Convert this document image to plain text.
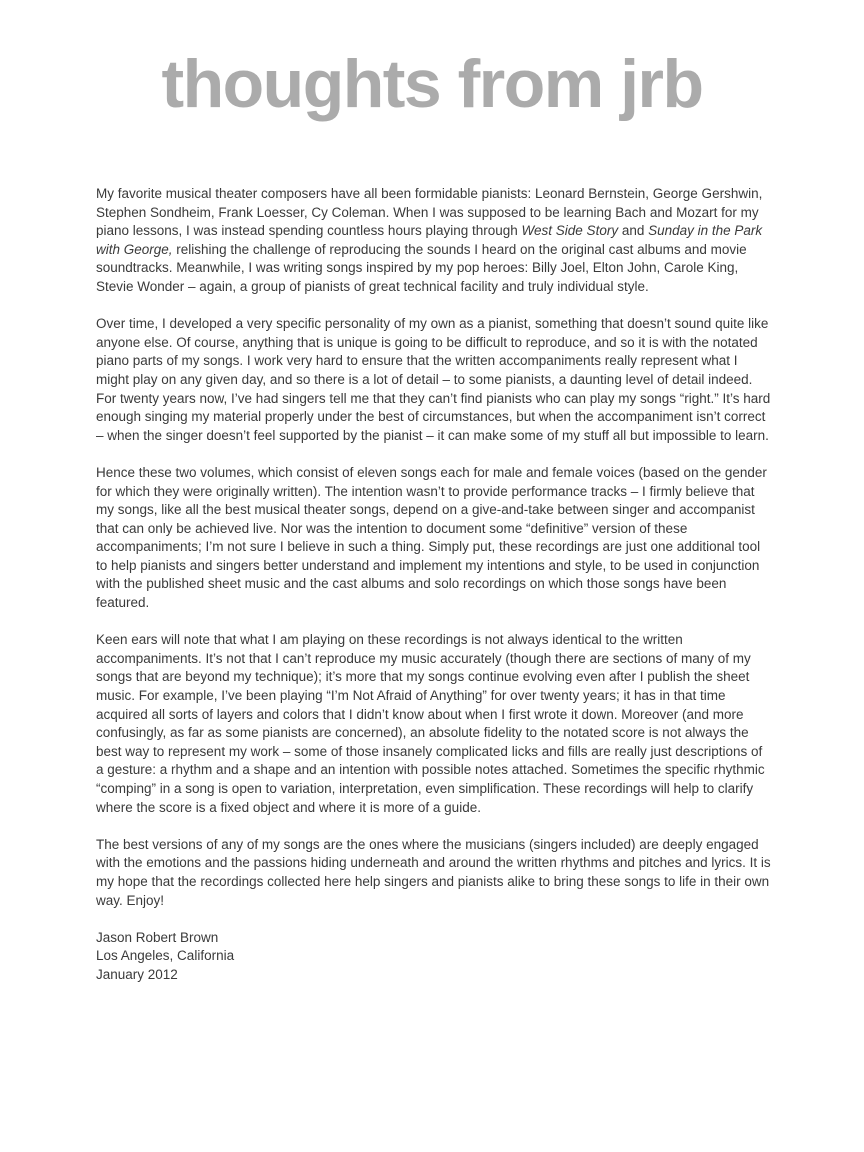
thoughts from jrb

My favorite musical theater composers have all been formidable pianists: Leonard Bernstein, George Gershwin, Stephen Sondheim, Frank Loesser, Cy Coleman. When I was supposed to be learning Bach and Mozart for my piano lessons, I was instead spending countless hours playing through West Side Story and Sunday in the Park with George, relishing the challenge of reproducing the sounds I heard on the original cast albums and movie soundtracks. Meanwhile, I was writing songs inspired by my pop heroes: Billy Joel, Elton John, Carole King, Stevie Wonder – again, a group of pianists of great technical facility and truly individual style.

Over time, I developed a very specific personality of my own as a pianist, something that doesn’t sound quite like anyone else. Of course, anything that is unique is going to be difficult to reproduce, and so it is with the notated piano parts of my songs. I work very hard to ensure that the written accompaniments really represent what I might play on any given day, and so there is a lot of detail – to some pianists, a daunting level of detail indeed. For twenty years now, I’ve had singers tell me that they can’t find pianists who can play my songs “right.” It’s hard enough singing my material properly under the best of circumstances, but when the accompaniment isn’t correct – when the singer doesn’t feel supported by the pianist – it can make some of my stuff all but impossible to learn.

Hence these two volumes, which consist of eleven songs each for male and female voices (based on the gender for which they were originally written). The intention wasn’t to provide performance tracks – I firmly believe that my songs, like all the best musical theater songs, depend on a give-and-take between singer and accompanist that can only be achieved live. Nor was the intention to document some “definitive” version of these accompaniments; I’m not sure I believe in such a thing. Simply put, these recordings are just one additional tool to help pianists and singers better understand and implement my intentions and style, to be used in conjunction with the published sheet music and the cast albums and solo recordings on which those songs have been featured.

Keen ears will note that what I am playing on these recordings is not always identical to the written accompaniments. It’s not that I can’t reproduce my music accurately (though there are sections of many of my songs that are beyond my technique); it’s more that my songs continue evolving even after I publish the sheet music. For example, I’ve been playing “I’m Not Afraid of Anything” for over twenty years; it has in that time acquired all sorts of layers and colors that I didn’t know about when I first wrote it down. Moreover (and more confusingly, as far as some pianists are concerned), an absolute fidelity to the notated score is not always the best way to represent my work – some of those insanely complicated licks and fills are really just descriptions of a gesture: a rhythm and a shape and an intention with possible notes attached. Sometimes the specific rhythmic “comping” in a song is open to variation, interpretation, even simplification. These recordings will help to clarify where the score is a fixed object and where it is more of a guide.

The best versions of any of my songs are the ones where the musicians (singers included) are deeply engaged with the emotions and the passions hiding underneath and around the written rhythms and pitches and lyrics. It is my hope that the recordings collected here help singers and pianists alike to bring these songs to life in their own way. Enjoy!

Jason Robert Brown
Los Angeles, California
January 2012
